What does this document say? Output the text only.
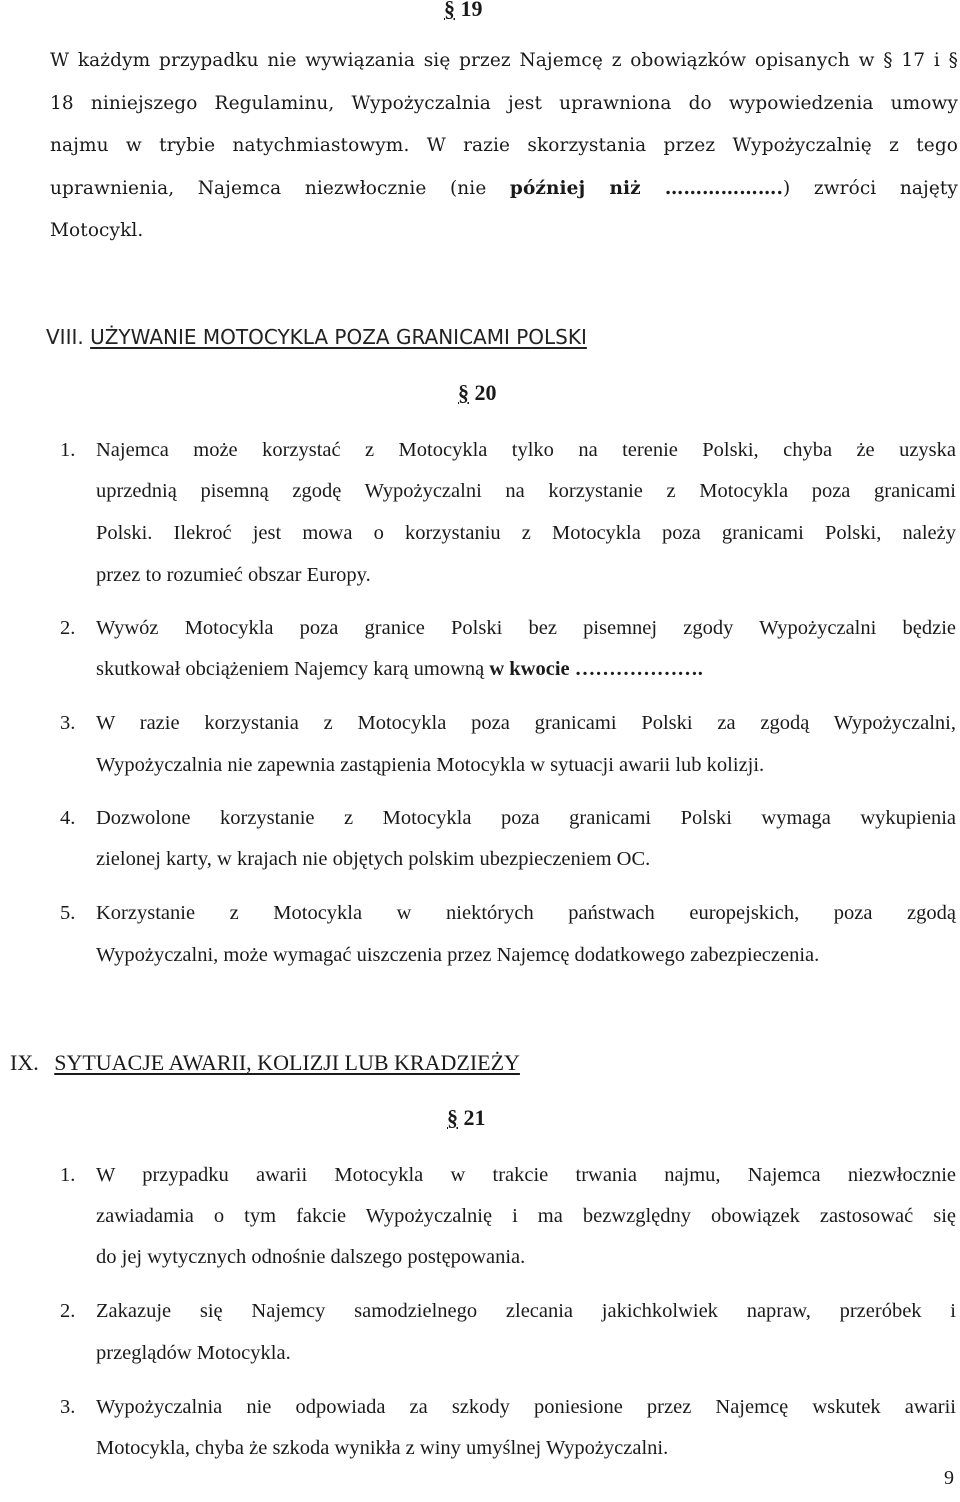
§ 19
W każdym przypadku nie wywiązania się przez Najemcę z obowiązków opisanych w § 17 i §
18 niniejszego Regulaminu, Wypożyczalnia jest uprawniona do wypowiedzenia umowy
najmu w trybie natychmiastowym. W razie skorzystania przez Wypożyczalnię z tego
uprawnienia, Najemca niezwłocznie (nie później niż ……………….) zwróci najęty
Motocykl.
VIII. UŻYWANIE MOTOCYKLA POZA GRANICAMI POLSKI
§ 20
1. Najemca może korzystać z Motocykla tylko na terenie Polski, chyba że uzyska
uprzednią pisemną zgodę Wypożyczalni na korzystanie z Motocykla poza granicami
Polski. Ilekroć jest mowa o korzystaniu z Motocykla poza granicami Polski, należy
przez to rozumieć obszar Europy.
2. Wywóz Motocykla poza granice Polski bez pisemnej zgody Wypożyczalni będzie
skutkował obciążeniem Najemcy karą umowną w kwocie ……………….
3. W razie korzystania z Motocykla poza granicami Polski za zgodą Wypożyczalni,
Wypożyczalnia nie zapewnia zastąpienia Motocykla w sytuacji awarii lub kolizji.
4. Dozwolone korzystanie z Motocykla poza granicami Polski wymaga wykupienia
zielonej karty, w krajach nie objętych polskim ubezpieczeniem OC.
5. Korzystanie z Motocykla w niektórych państwach europejskich, poza zgodą
Wypożyczalni, może wymagać uiszczenia przez Najemcę dodatkowego zabezpieczenia.
IX. SYTUACJE AWARII, KOLIZJI LUB KRADZIEŻY
§ 21
1. W przypadku awarii Motocykla w trakcie trwania najmu, Najemca niezwłocznie
zawiadamia o tym fakcie Wypożyczalnię i ma bezwzględny obowiązek zastosować się
do jej wytycznych odnośnie dalszego postępowania.
2. Zakazuje się Najemcy samodzielnego zlecania jakichkolwiek napraw, przeróbek i
przeglądów Motocykla.
3. Wypożyczalnia nie odpowiada za szkody poniesione przez Najemcę wskutek awarii
Motocykla, chyba że szkoda wynikła z winy umyślnej Wypożyczalni.
9
